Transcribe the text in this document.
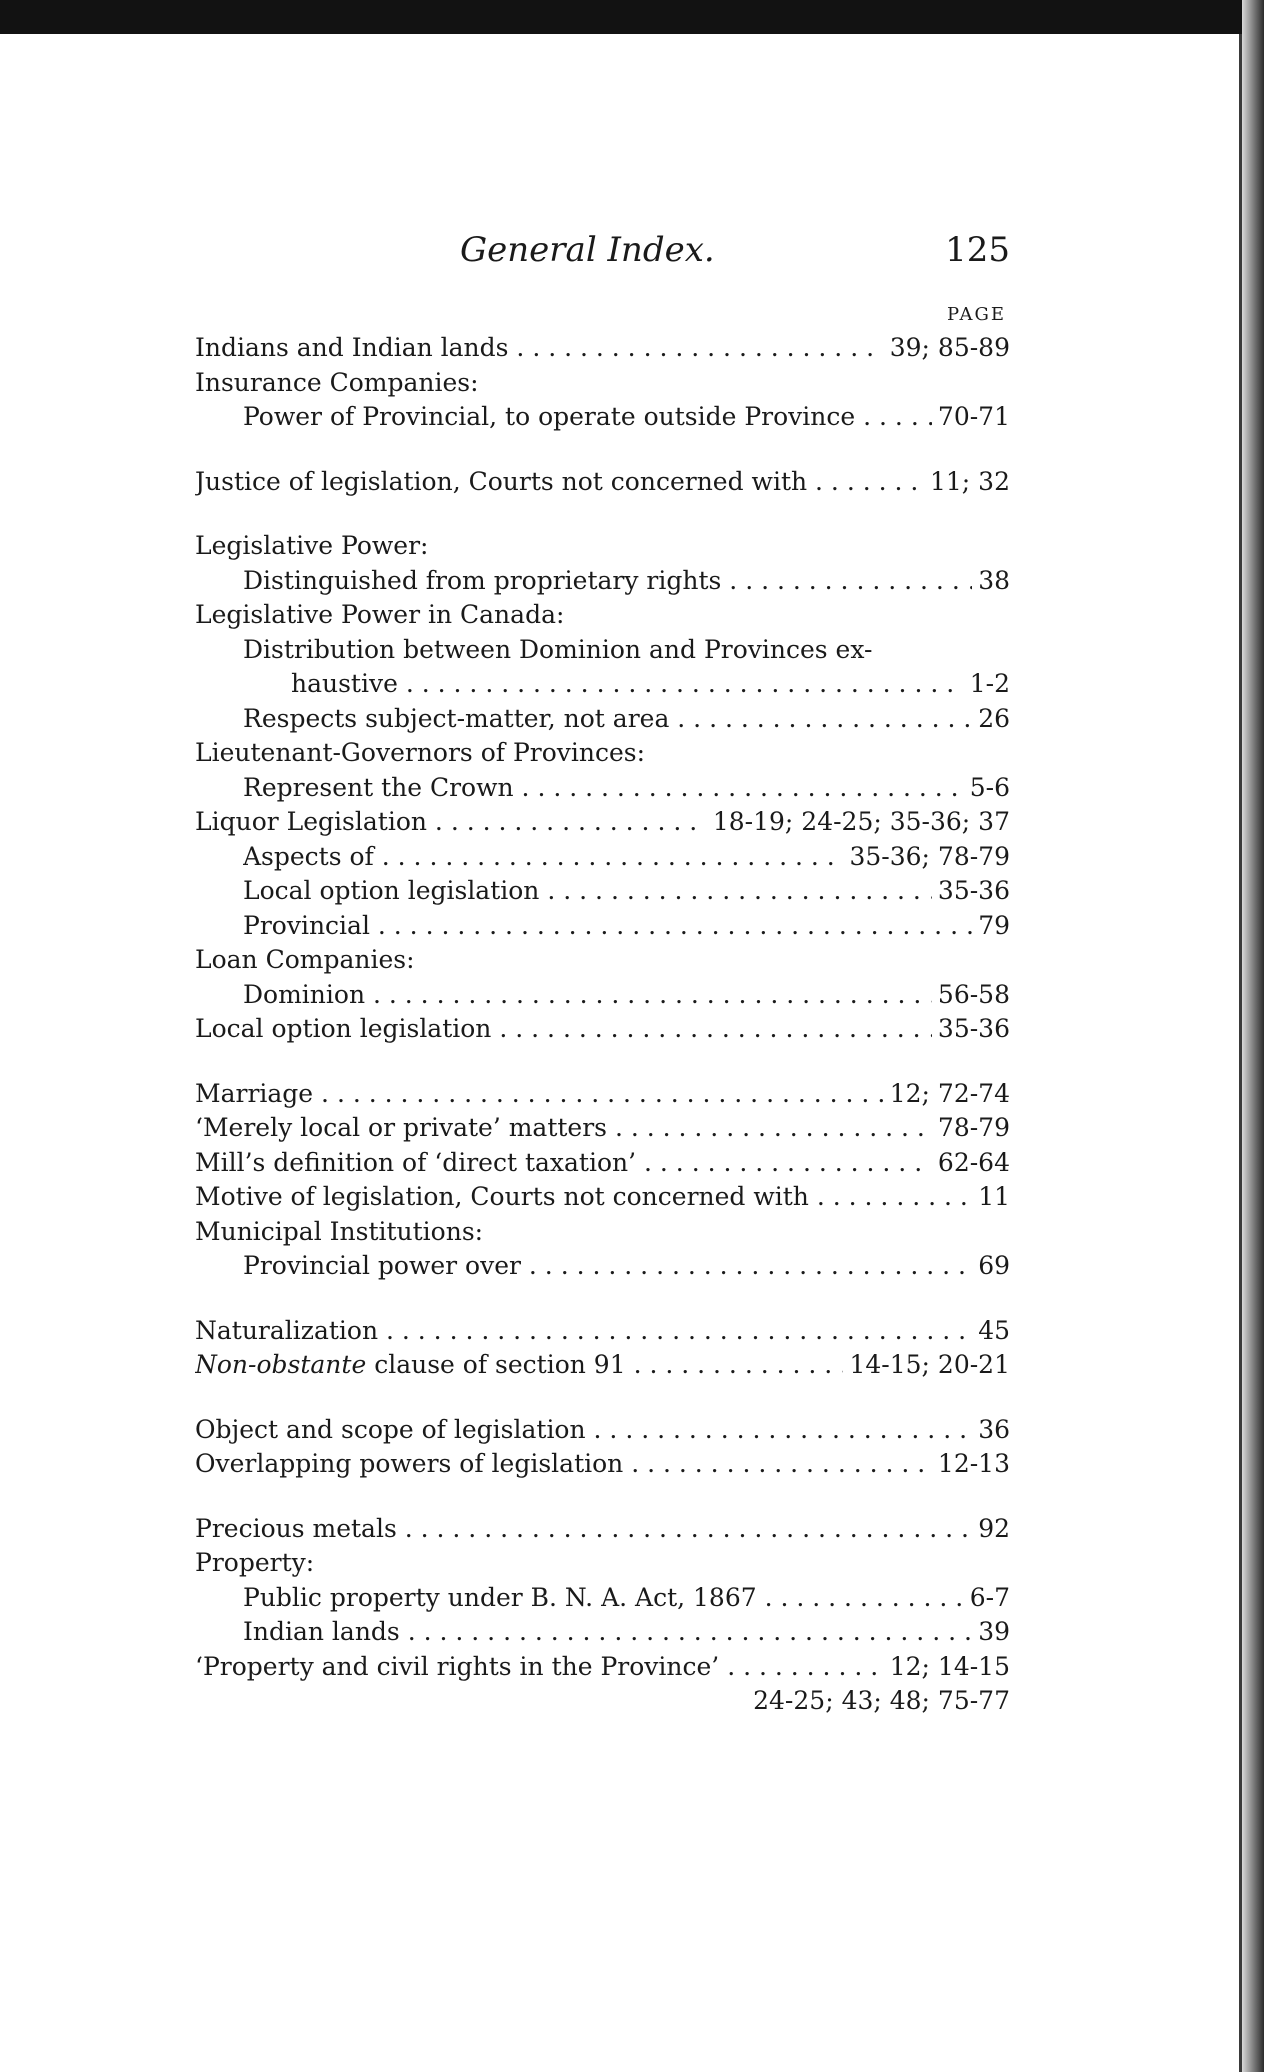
General Index.	125
PAGE
Indians and Indian lands . . .	39; 85-89
Insurance Companies:
Power of Provincial, to operate outside Province . . .	70-71
Justice of legislation, Courts not concerned with . . .	11; 32
Legislative Power:
Distinguished from proprietary rights . . .	38
Legislative Power in Canada:
Distribution between Dominion and Provinces ex-
haustive . . .	1-2
Respects subject-matter, not area . . .	26
Lieutenant-Governors of Provinces:
Represent the Crown . . .	5-6
Liquor Legislation . . .	18-19; 24-25; 35-36; 37
Aspects of . . .	35-36; 78-79
Local option legislation . . .	35-36
Provincial . . .	79
Loan Companies:
Dominion . . .	56-58
Local option legislation . . .	35-36
Marriage . . .	12; 72-74
‘Merely local or private’ matters . . .	78-79
Mill’s definition of ‘direct taxation’ . . .	62-64
Motive of legislation, Courts not concerned with . . .	11
Municipal Institutions:
Provincial power over . . .	69
Naturalization . . .	45
Non-obstante clause of section 91 . . .	14-15; 20-21
Object and scope of legislation . . .	36
Overlapping powers of legislation . . .	12-13
Precious metals . . .	92
Property:
Public property under B. N. A. Act, 1867 . . .	6-7
Indian lands . . .	39
‘Property and civil rights in the Province’ . . .	12; 14-15
24-25; 43; 48; 75-77
